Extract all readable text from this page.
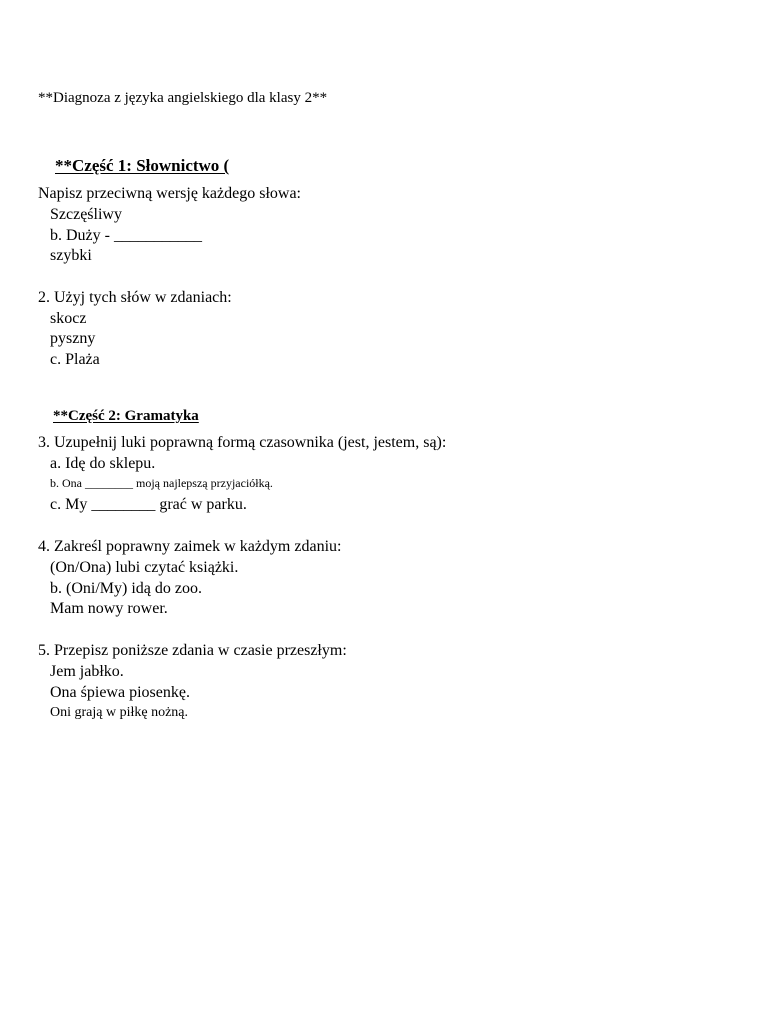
**Diagnoza z języka angielskiego dla klasy 2**

**Część 1: Słownictwo (

Napisz przeciwną wersję każdego słowa:
Szczęśliwy
b. Duży - ___________
szybki
2. Użyj tych słów w zdaniach:
skocz
pyszny
c. Plaża

**Część 2: Gramatyka

3. Uzupełnij luki poprawną formą czasownika (jest, jestem, są):
a. Idę do sklepu.
b. Ona ________ moją najlepszą przyjaciółką.
c. My ________ grać w parku.
4. Zakreśl poprawny zaimek w każdym zdaniu:
(On/Ona) lubi czytać książki.
b. (Oni/My) idą do zoo.
Mam nowy rower.
5. Przepisz poniższe zdania w czasie przeszłym:
Jem jabłko.
Ona śpiewa piosenkę.
Oni grają w piłkę nożną.
